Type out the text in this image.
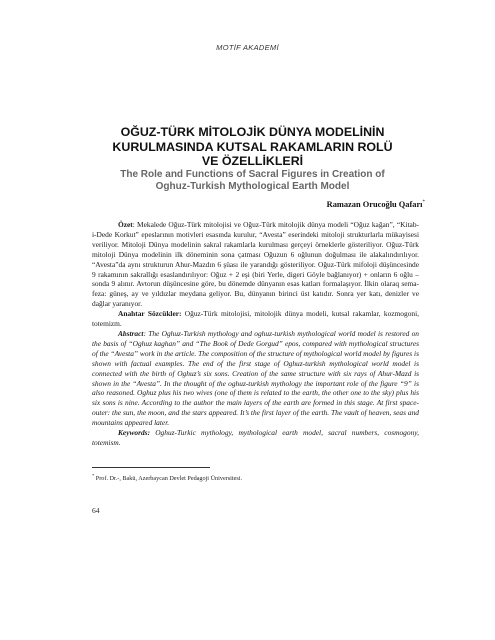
MOTİF AKADEMİ
OĞUZ-TÜRK MİTOLOJİK DÜNYA MODELİNİN
KURULMASINDA KUTSAL RAKAMLARIN ROLÜ
VE ÖZELLİKLERİ
The Role and Functions of Sacral Figures in Creation of
Oghuz-Turkish Mythological Earth Model
Ramazan Orucoğlu Qafarı*

Özet: Mekalede Oğuz-Türk mitolojisi ve Oğuz-Türk mitolojik dünya modeli “Oğuz kağan”, “Kitab-i-Dede Korkut” epeslarının motivleri esasında kurulur, “Avesta” eserindeki mitoloji strukturlarla mükayisesi veriliyor. Mitoloji Dünya modelinin sakral rakamlarla kurulması gerçeyi örneklerle gösteriliyor. Oğuz-Türk mitoloji Dünya modelinin ilk döneminin sona çatması Oğuzun 6 oğlunun doğulması ile alakalındırılıyor. “Avesta”da aynı strukturun Ahur-Mazdın 6 şüası ile yarandığı gösteriliyor. Oğuz-Türk mifoloji düşüncesinde 9 rakamının sakrallığı esaslandırılıyor: Oğuz + 2 eşi (biri Yerle, digeri Göyle bağlanıyor) + onların 6 oğlu – sonda 9 alınır. Avtorun düşüncesine göre, bu dönemde dünyanın esas katları formalaşıyor. İlkin olaraq sema-feza: güneş, ay ve yıldızlar meydana geliyor. Bu, dünyanın birinci üst katıdır. Sonra yer katı, denizler ve dağlar yaranıyor.

Anahtar Sözcükler: Oğuz-Türk mitolojisi, mitolojik dünya modeli, kutsal rakamlar, kozmogoni, totemizm.

Abstract: The Oghuz-Turkish mythology and oghuz-turkish mythological world model is restored on the basis of “Oghuz kaghan” and “The Book of Dede Gorgud” epos, compared with mythological structures of the “Avesta” work in the article. The composition of the structure of mythological world model by figures is shown with factual examples. The end of the first stage of Oghuz-turkish mythological world model is connected with the birth of Oghuz’s six sons. Creation of the same structure with six rays of Ahur-Mazd is shown in the “Avesta”. In the thought of the oghuz-turkish mythology the important role of the figure “9” is also reasoned. Oghuz plus his two wives (one of them is related to the earth, the other one to the sky) plus his six sons is nine. According to the author the main layers of the earth are formed in this stage. At first space-outer: the sun, the moon, and the stars appeared. It’s the first layer of the earth. The vault of heaven, seas and mountains appeared later.

Keywords: Oghuz-Turkic mythology, mythological earth model, sacral numbers, cosmogony, totemism.

* Prof. Dr.-, Bakü, Azerbaycan Devlet Pedagoji Üniversitesi.
64
